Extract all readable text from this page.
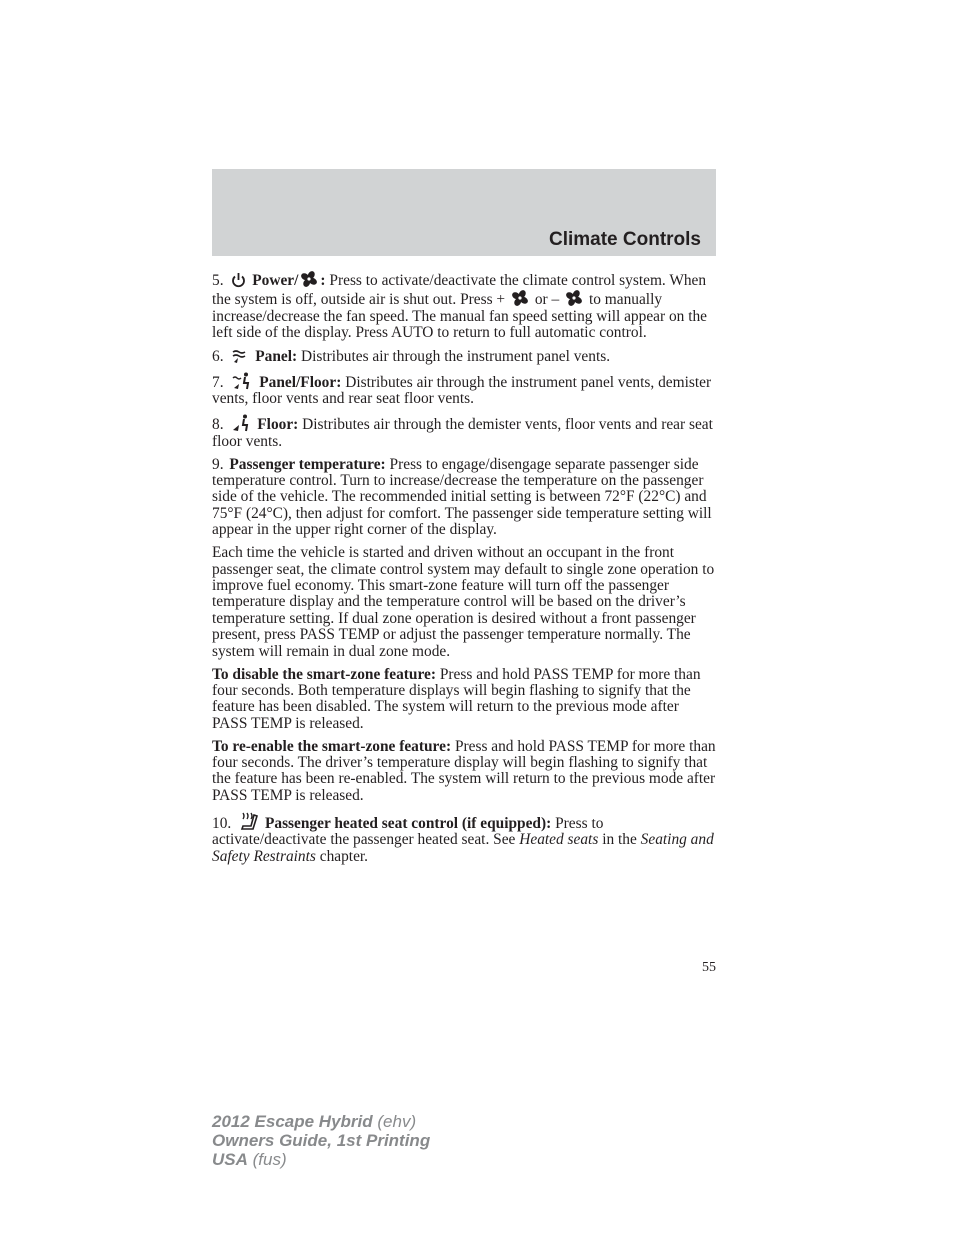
Climate Controls

5. Power/ : Press to activate/deactivate the climate control system. When the system is off, outside air is shut out. Press + or – to manually increase/decrease the fan speed. The manual fan speed setting will appear on the left side of the display. Press AUTO to return to full automatic control.

6. Panel: Distributes air through the instrument panel vents.

7. Panel/Floor: Distributes air through the instrument panel vents, demister vents, floor vents and rear seat floor vents.

8. Floor: Distributes air through the demister vents, floor vents and rear seat floor vents.

9. Passenger temperature: Press to engage/disengage separate passenger side temperature control. Turn to increase/decrease the temperature on the passenger side of the vehicle. The recommended initial setting is between 72°F (22°C) and 75°F (24°C), then adjust for comfort. The passenger side temperature setting will appear in the upper right corner of the display.

Each time the vehicle is started and driven without an occupant in the front passenger seat, the climate control system may default to single zone operation to improve fuel economy. This smart-zone feature will turn off the passenger temperature display and the temperature control will be based on the driver’s temperature setting. If dual zone operation is desired without a front passenger present, press PASS TEMP or adjust the passenger temperature normally. The system will remain in dual zone mode.

To disable the smart-zone feature: Press and hold PASS TEMP for more than four seconds. Both temperature displays will begin flashing to signify that the feature has been disabled. The system will return to the previous mode after PASS TEMP is released.

To re-enable the smart-zone feature: Press and hold PASS TEMP for more than four seconds. The driver’s temperature display will begin flashing to signify that the feature has been re-enabled. The system will return to the previous mode after PASS TEMP is released.

10. Passenger heated seat control (if equipped): Press to activate/deactivate the passenger heated seat. See Heated seats in the Seating and Safety Restraints chapter.

55
2012 Escape Hybrid (ehv)
Owners Guide, 1st Printing
USA (fus)
